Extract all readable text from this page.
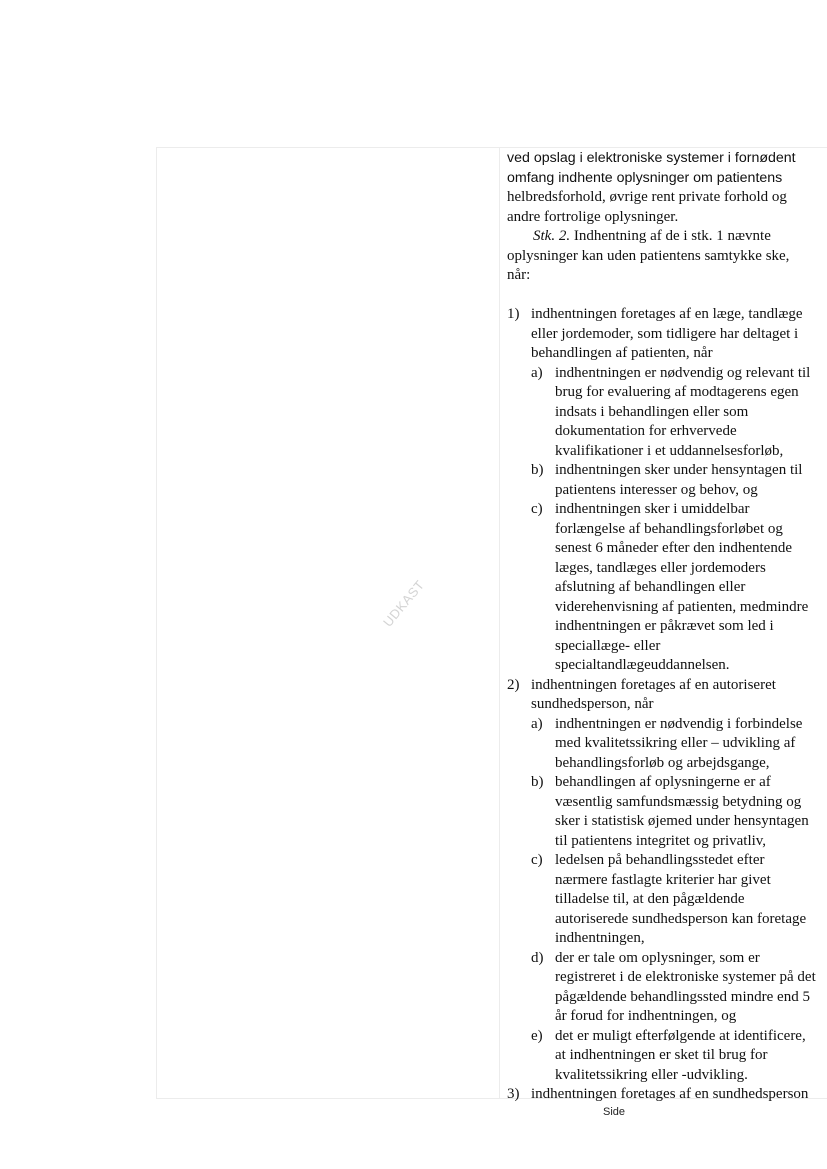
UDKAST
ved opslag i elektroniske systemer i fornødent
omfang indhente oplysninger om patientens
helbredsforhold, øvrige rent private forhold og
andre fortrolige oplysninger.
Stk. 2. Indhentning af de i stk. 1 nævnte
oplysninger kan uden patientens samtykke ske,
når:
1) indhentningen foretages af en læge, tandlæge
eller jordemoder, som tidligere har deltaget i
behandlingen af patienten, når
a) indhentningen er nødvendig og relevant til
brug for evaluering af modtagerens egen
indsats i behandlingen eller som
dokumentation for erhvervede
kvalifikationer i et uddannelsesforløb,
b) indhentningen sker under hensyntagen til
patientens interesser og behov, og
c) indhentningen sker i umiddelbar
forlængelse af behandlingsforløbet og
senest 6 måneder efter den indhentende
læges, tandlæges eller jordemoders
afslutning af behandlingen eller
viderehenvisning af patienten, medmindre
indhentningen er påkrævet som led i
speciallæge- eller
specialtandlægeuddannelsen.
2) indhentningen foretages af en autoriseret
sundhedsperson, når
a) indhentningen er nødvendig i forbindelse
med kvalitetssikring eller – udvikling af
behandlingsforløb og arbejdsgange,
b) behandlingen af oplysningerne er af
væsentlig samfundsmæssig betydning og
sker i statistisk øjemed under hensyntagen
til patientens integritet og privatliv,
c) ledelsen på behandlingsstedet efter
nærmere fastlagte kriterier har givet
tilladelse til, at den pågældende
autoriserede sundhedsperson kan foretage
indhentningen,
d) der er tale om oplysninger, som er
registreret i de elektroniske systemer på det
pågældende behandlingssted mindre end 5
år forud for indhentningen, og
e) det er muligt efterfølgende at identificere,
at indhentningen er sket til brug for
kvalitetssikring eller -udvikling.
3) indhentningen foretages af en sundhedsperson
Side
